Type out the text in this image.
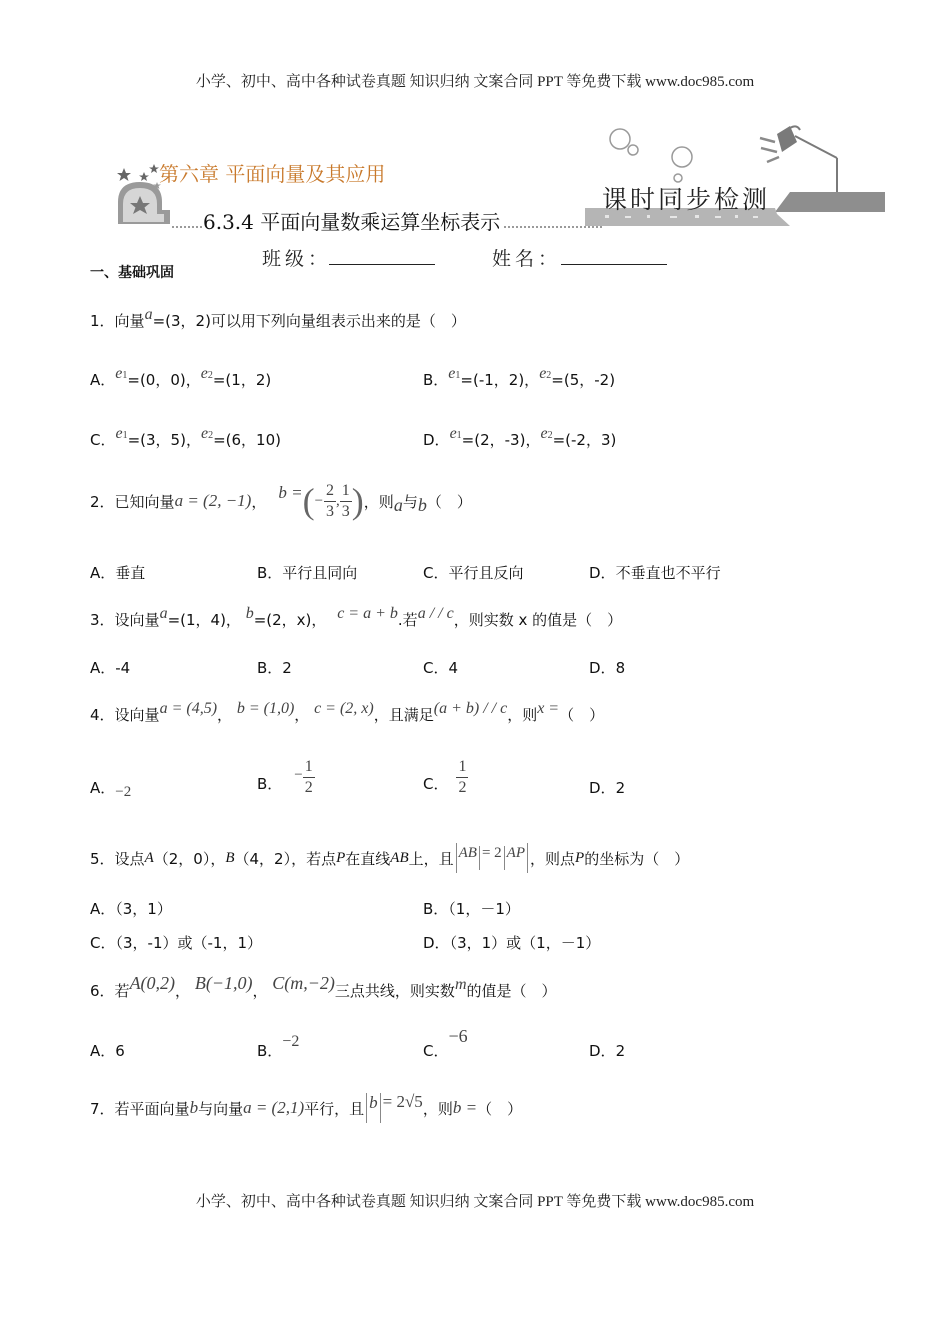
小学、初中、高中各种试卷真题 知识归纳 文案合同 PPT 等免费下载 www.doc985.com
第六章 平面向量及其应用
6.3.4 平面向量数乘运算坐标表示
课时同步检测
班级：	姓名：
一、基础巩固
1．向量a=(3，2)可以用下列向量组表示出来的是（　）
A．e1=(0，0)，e2=(1，2)	B．e1=(-1，2)，e2=(5，-2)
C．e1=(3，5)，e2=(6，10)	D．e1=(2，-3)，e2=(-2，3)
2． 已知向量 a = (2, −1) ， b = ( − $\frac{2}{3}$ , $\frac{1}{3}$ ) ，则 a 与 b （　）
A．垂直	B．平行且同向	C．平行且反向	D．不垂直也不平行
3．设向量a=(1，4)， b=(2，x)， c = a + b.若a / / c，则实数 x 的值是（　）
A．-4	B．2	C．4	D．8
4．设向量a = (4,5)， b = (1,0)， c = (2, x)，且满足(a + b) / / c，则x =（　）
A．−2	B．
− $\frac{1}{2}$	C． $\frac{1}{2}$	D．2
5． 设点 A （2，0）， B （4，2），若点 P 在直线 AB 上，且 AB = 2 AP ，则点 P 的坐标为（　）
A．（3，1）	B．（1，－1）
C．（3，-1）或（-1，1）	D．（3，1）或（1，－1）
6．若A(0,2)， B(−1,0)， C(m,−2)三点共线，则实数m的值是（　）
A．6	B．−2
C．−6
D．2
7． 若平面向量 b 与向量 a = (2,1) 平行，且 b = 2√5 ，则 b = （　）
小学、初中、高中各种试卷真题 知识归纳 文案合同 PPT 等免费下载 www.doc985.com
